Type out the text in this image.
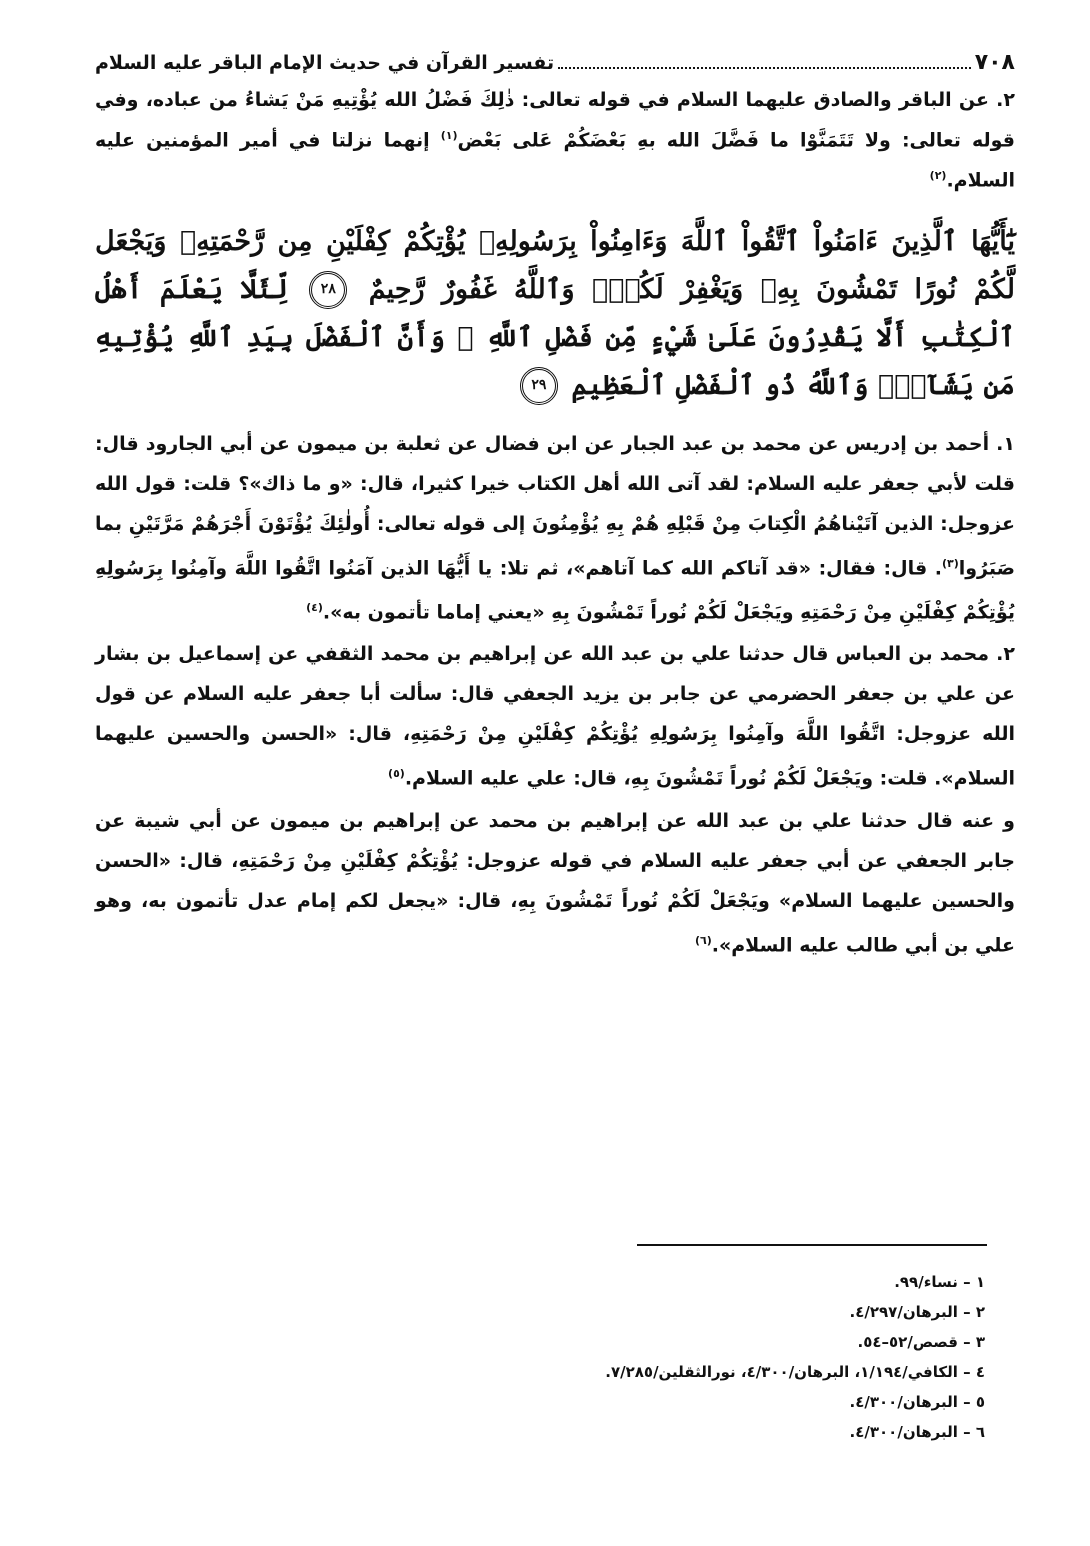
٧٠٨
تفسير القرآن في حديث الإمام الباقر عليه السلام

٢. عن الباقر والصادق عليهما السلام في قوله تعالى: ذٰلِكَ فَضْلُ الله يُؤْتِيهِ مَنْ يَشاءُ من عباده، وفي قوله تعالى: ولا تَتَمَنَّوْا ما فَضَّلَ الله بهِ بَعْضَكُمْ عَلى بَعْض$^{(١)}$ إنهما نزلتا في أمير المؤمنين عليه السلام.$^{(٢)}$

يَٰٓأَيُّهَا ٱلَّذِينَ ءَامَنُواْ ٱتَّقُواْ ٱللَّهَ وَءَامِنُواْ بِرَسُولِهِۦ يُؤْتِكُمْ كِفْلَيْنِ مِن رَّحْمَتِهِۦ وَيَجْعَل لَّكُمْ نُورًا تَمْشُونَ بِهِۦ وَيَغْفِرْ لَكُمْۚ وَٱللَّهُ غَفُورٌ رَّحِيمٌ ٢٨ لِّئَلَّا يَعْلَمَ أَهْلُ ٱلْكِتَٰبِ أَلَّا يَقْدِرُونَ عَلَىٰ شَيْءٍ مِّن فَضْلِ ٱللَّهِ ۙ وَأَنَّ ٱلْفَضْلَ بِيَدِ ٱللَّهِ يُؤْتِيهِ مَن يَشَآءُۚ وَٱللَّهُ ذُو ٱلْفَضْلِ ٱلْعَظِيمِ ٢٩

١. أحمد بن إدريس عن محمد بن عبد الجبار عن ابن فضال عن ثعلبة بن ميمون عن أبي الجارود قال: قلت لأبي جعفر عليه السلام: لقد آتى الله أهل الكتاب خيرا كثيرا، قال: «و ما ذاك»؟ قلت: قول الله عزوجل: الذين آتَيْناهُمُ الْكِتابَ مِنْ قَبْلِهِ هُمْ بِهِ يُؤْمِنُونَ إلى قوله تعالى: أُولٰئِكَ يُؤْتَوْنَ أَجْرَهُمْ مَرَّتَيْنِ بما صَبَرُوا$^{(٣)}$. قال: فقال: «قد آتاكم الله كما آتاهم»، ثم تلا: يا أَيُّهَا الذين آمَنُوا اتَّقُوا اللَّهَ وآمِنُوا بِرَسُولِهِ يُؤْتِكُمْ كِفْلَيْنِ مِنْ رَحْمَتِهِ ويَجْعَلْ لَكُمْ نُوراً تَمْشُونَ بِهِ «يعني إماما تأتمون به».$^{(٤)}$

٢. محمد بن العباس قال حدثنا علي بن عبد الله عن إبراهيم بن محمد الثقفي عن إسماعيل بن بشار عن علي بن جعفر الحضرمي عن جابر بن يزيد الجعفي قال: سألت أبا جعفر عليه السلام عن قول الله عزوجل: اتَّقُوا اللَّهَ وآمِنُوا بِرَسُولِهِ يُؤْتِكُمْ كِفْلَيْنِ مِنْ رَحْمَتِهِ، قال: «الحسن والحسين عليهما السلام». قلت: ويَجْعَلْ لَكُمْ نُوراً تَمْشُونَ بِهِ، قال: علي عليه السلام.$^{(٥)}$

و عنه قال حدثنا علي بن عبد الله عن إبراهيم بن محمد عن إبراهيم بن ميمون عن أبي شيبة عن جابر الجعفي عن أبي جعفر عليه السلام في قوله عزوجل: يُؤْتِكُمْ كِفْلَيْنِ مِنْ رَحْمَتِهِ، قال: «الحسن والحسين عليهما السلام» ويَجْعَلْ لَكُمْ نُوراً تَمْشُونَ بِهِ، قال: «يجعل لكم إمام عدل تأتمون به، وهو علي بن أبي طالب عليه السلام».$^{(٦)}$

١ – نساء/٩٩.
٢ – البرهان/٤/٢٩٧.
٣ – قصص/٥٢–٥٤.
٤ – الكافي/١/١٩٤، البرهان/٤/٣٠٠، نورالثقلين/٧/٢٨٥.
٥ – البرهان/٤/٣٠٠.
٦ – البرهان/٤/٣٠٠.
